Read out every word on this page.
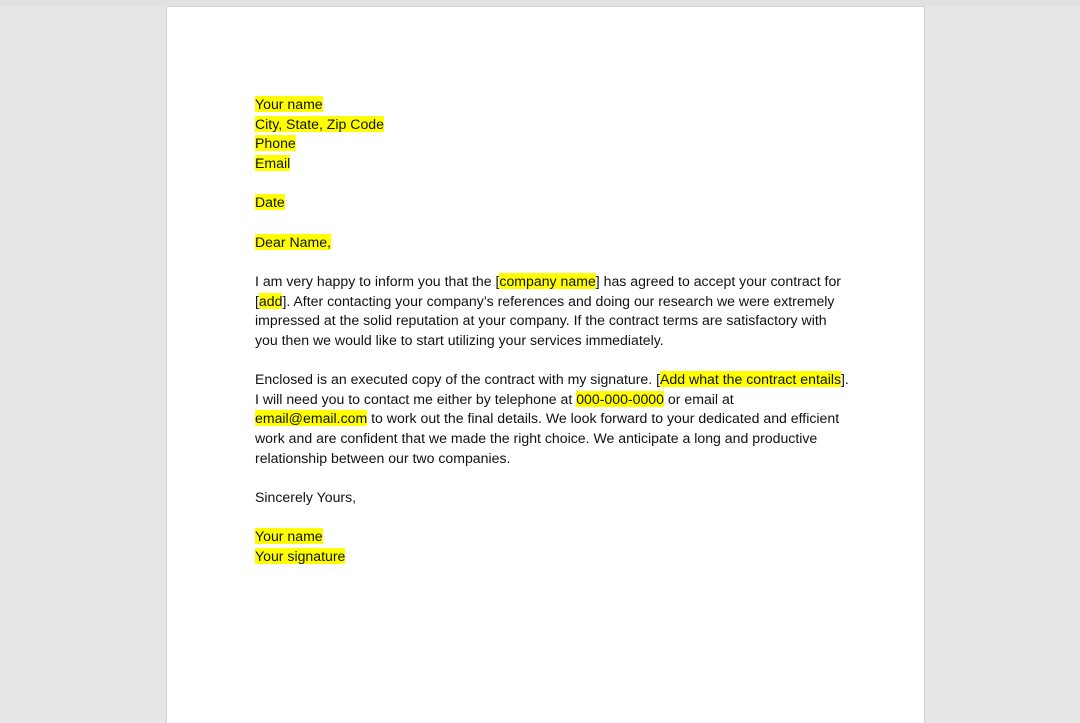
Your name
City, State, Zip Code
Phone
Email

Date

Dear Name,

I am very happy to inform you that the [company name] has agreed to accept your contract for
[add]. After contacting your company’s references and doing our research we were extremely
impressed at the solid reputation at your company. If the contract terms are satisfactory with
you then we would like to start utilizing your services immediately.

Enclosed is an executed copy of the contract with my signature. [Add what the contract entails].
I will need you to contact me either by telephone at 000-000-0000 or email at
email@email.com to work out the final details. We look forward to your dedicated and efficient
work and are confident that we made the right choice. We anticipate a long and productive
relationship between our two companies.

Sincerely Yours,

Your name
Your signature
